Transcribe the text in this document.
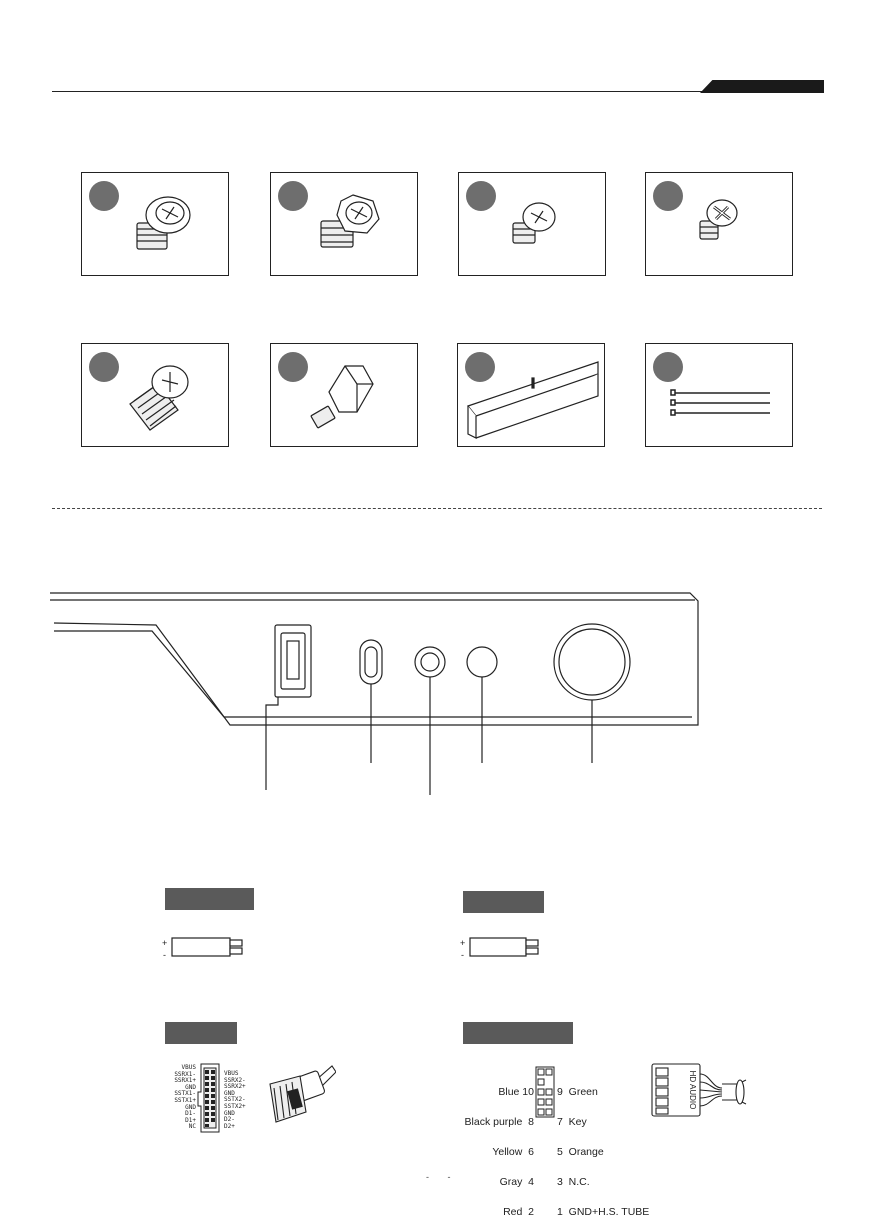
+
-
+
-
VBUS
SSRX1-
SSRX1+
GND
SSTX1-
SSTX1+
GND
D1-
D1+
NC
VBUS
SSRX2-
SSRX2+
GND
SSTX2-
SSTX2+
GND
D2-
D2+

Blue 10

Black purple  8

Yellow  6

Gray  4

Red  2

9  Green

7  Key

5  Orange

3  N.C.

1  GND+H.S. TUBE

HD AUDIO
- -
